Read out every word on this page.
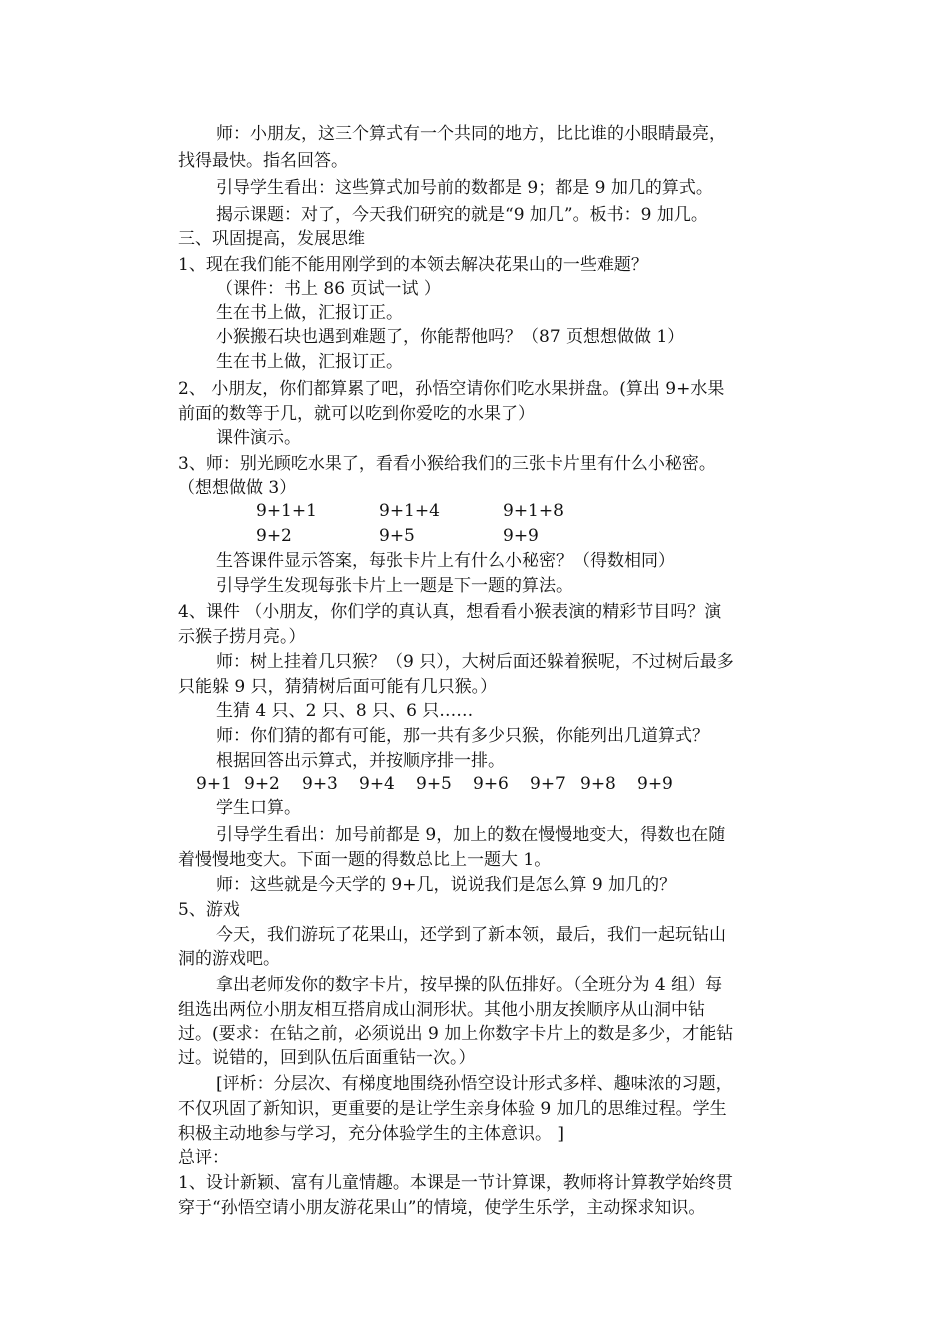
师：小朋友，这三个算式有一个共同的地方，比比谁的小眼睛最亮，
找得最快。指名回答。
引导学生看出：这些算式加号前的数都是 9；都是 9 加几的算式。
揭示课题：对了，今天我们研究的就是“9 加几”。板书：9 加几。
三、巩固提高，发展思维
1、现在我们能不能用刚学到的本领去解决花果山的一些难题？
（课件：书上 86 页试一试 ）
生在书上做，汇报订正。
小猴搬石块也遇到难题了，你能帮他吗？（87 页想想做做 1）
生在书上做，汇报订正。
2、 小朋友，你们都算累了吧，孙悟空请你们吃水果拼盘。(算出 9+水果
前面的数等于几，就可以吃到你爱吃的水果了）
课件演示。
3、师：别光顾吃水果了，看看小猴给我们的三张卡片里有什么小秘密。
（想想做做 3）
9+1+1	9+1+4	9+1+8
9+2	9+5	9+9
生答课件显示答案，每张卡片上有什么小秘密？（得数相同）
引导学生发现每张卡片上一题是下一题的算法。
4、课件 （小朋友，你们学的真认真，想看看小猴表演的精彩节目吗？演
示猴子捞月亮。）
师：树上挂着几只猴？（9 只），大树后面还躲着猴呢，不过树后最多
只能躲 9 只，猜猜树后面可能有几只猴。）
生猜 4 只、2 只、8 只、6 只……
师：你们猜的都有可能，那一共有多少只猴，你能列出几道算式？
根据回答出示算式，并按顺序排一排。
9+1 9+2 9+3 9+4 9+5 9+6 9+7 9+8 9+9
学生口算。
引导学生看出：加号前都是 9，加上的数在慢慢地变大，得数也在随
着慢慢地变大。下面一题的得数总比上一题大 1。
师：这些就是今天学的 9+几，说说我们是怎么算 9 加几的？
5、游戏
今天，我们游玩了花果山，还学到了新本领，最后，我们一起玩钻山
洞的游戏吧。
拿出老师发你的数字卡片，按早操的队伍排好。（全班分为 4 组）每
组选出两位小朋友相互搭肩成山洞形状。其他小朋友挨顺序从山洞中钻
过。(要求：在钻之前，必须说出 9 加上你数字卡片上的数是多少，才能钻
过。说错的，回到队伍后面重钻一次。）
[评析：分层次、有梯度地围绕孙悟空设计形式多样、趣味浓的习题，
不仅巩固了新知识，更重要的是让学生亲身体验 9 加几的思维过程。学生
积极主动地参与学习，充分体验学生的主体意识。 ]
总评：
1、设计新颖、富有儿童情趣。本课是一节计算课，教师将计算教学始终贯
穿于“孙悟空请小朋友游花果山”的情境，使学生乐学，主动探求知识。
